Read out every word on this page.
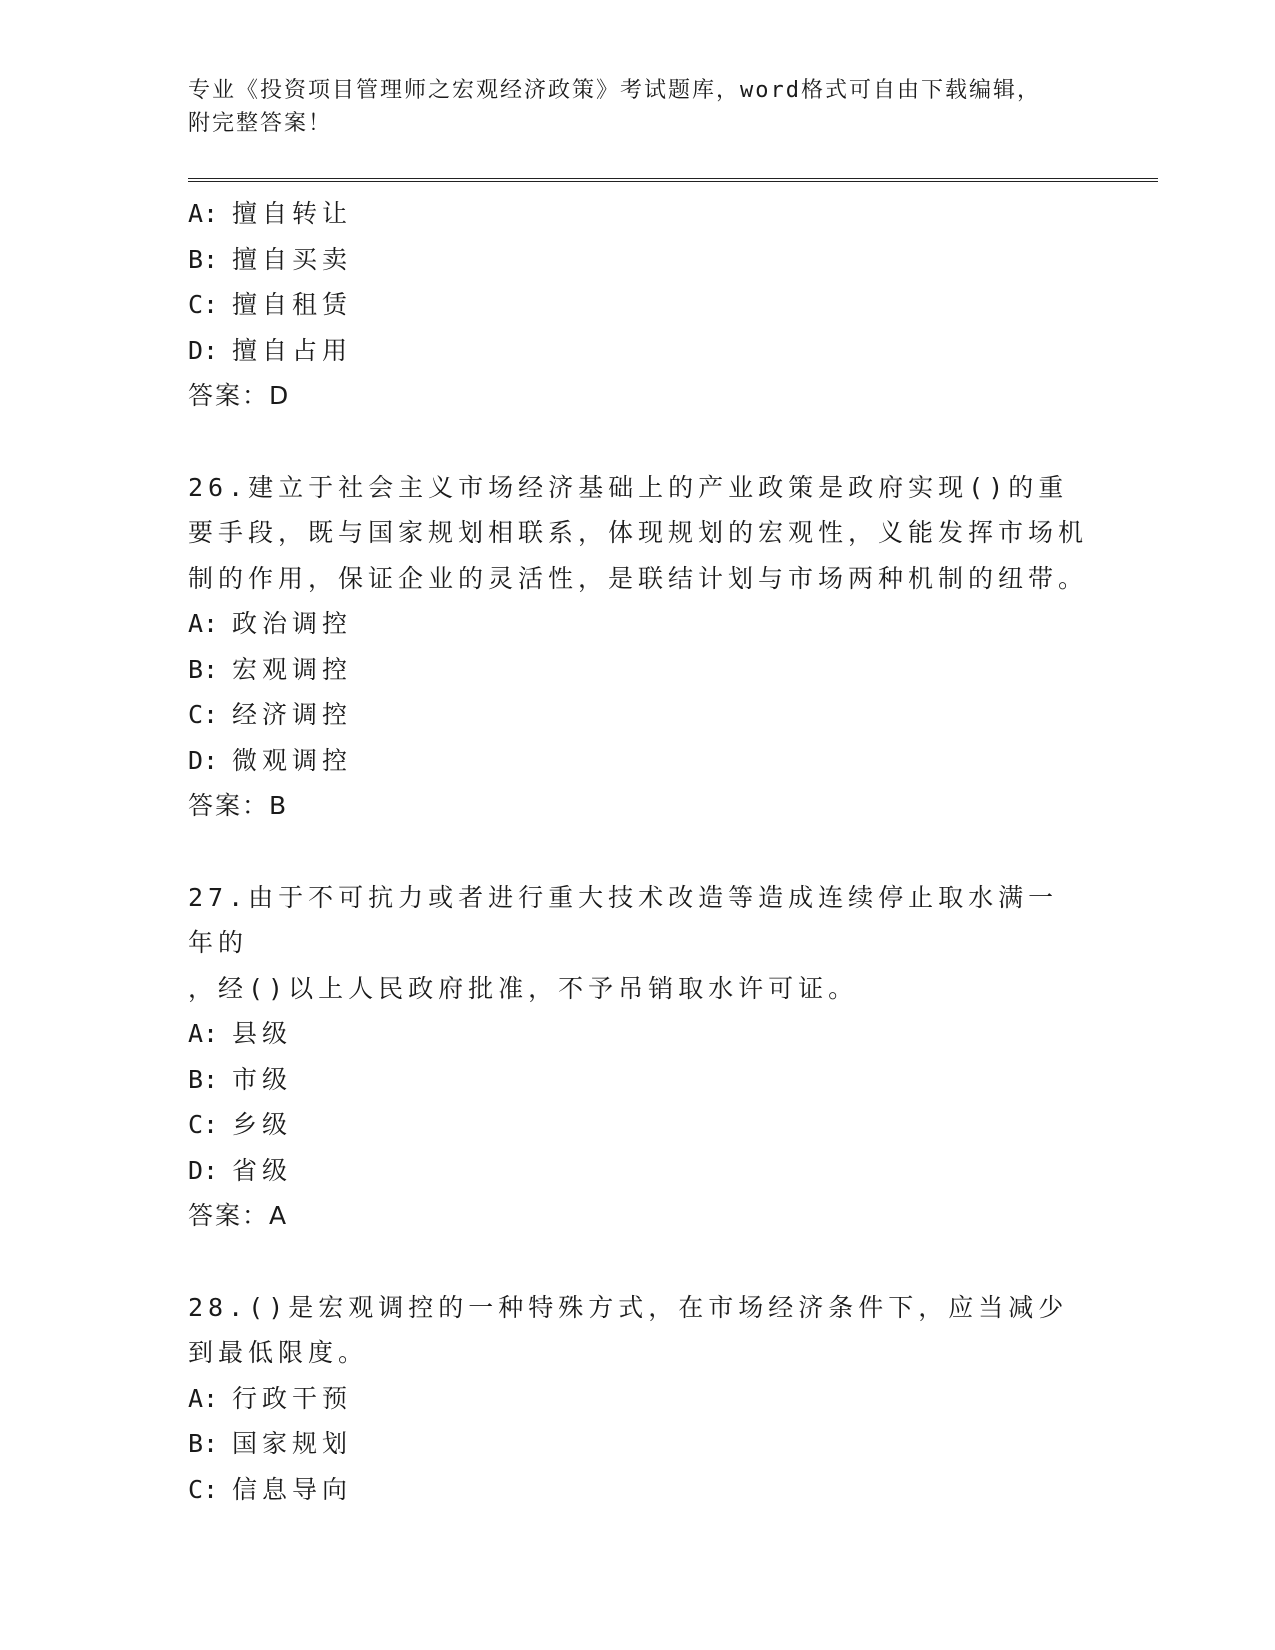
专业《投资项目管理师之宏观经济政策》考试题库，word格式可自由下载编辑，
附完整答案！
A: 擅自转让
B: 擅自买卖
C: 擅自租赁
D: 擅自占用
答案：D

26.建立于社会主义市场经济基础上的产业政策是政府实现()的重要手段，既与国家规划相联系，体现规划的宏观性，义能发挥市场机制的作用，保证企业的灵活性，是联结计划与市场两种机制的纽带。

A: 政治调控
B: 宏观调控
C: 经济调控
D: 微观调控
答案：B

27.由于不可抗力或者进行重大技术改造等造成连续停止取水满一年的
，经()以上人民政府批准，不予吊销取水许可证。

A: 县级
B: 市级
C: 乡级
D: 省级
答案：A

28.()是宏观调控的一种特殊方式，在市场经济条件下，应当减少到最低限度。

A: 行政干预
B: 国家规划
C: 信息导向
